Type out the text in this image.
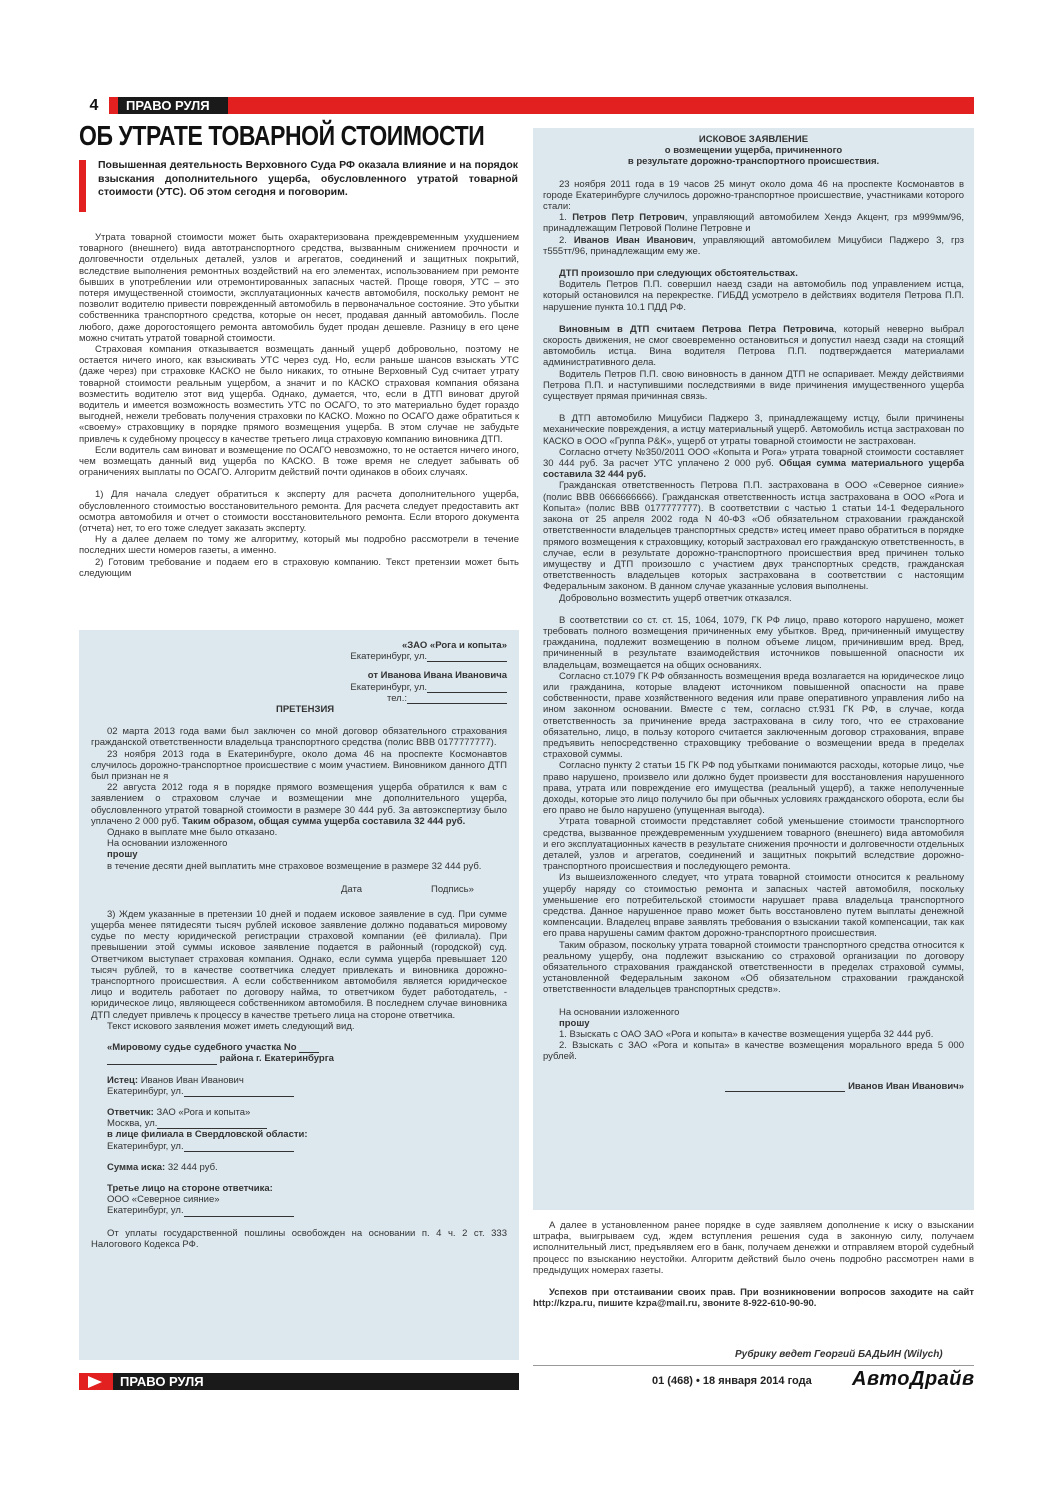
4	ПРАВО РУЛЯ
ОБ УТРАТЕ ТОВАРНОЙ СТОИМОСТИ
Повышенная деятельность Верховного Суда РФ оказала влияние и на порядок взыскания дополнительного ущерба, обусловленного утратой товарной стоимости (УТС). Об этом сегодня и поговорим.

Утрата товарной стоимости может быть охарактеризована преждевременным ухудшением товарного (внешнего) вида автотранспортного средства, вызванным снижением прочности и долговечности отдельных деталей, узлов и агрегатов, соединений и защитных покрытий, вследствие выполнения ремонтных воздействий на его элементах, использованием при ремонте бывших в употреблении или отремонтированных запасных частей. Проще говоря, УТС – это потеря имущественной стоимости, эксплуатационных качеств автомобиля, поскольку ремонт не позволит водителю привести поврежденный автомобиль в первоначальное состояние. Это убытки собственника транспортного средства, которые он несет, продавая данный автомобиль. После любого, даже дорогостоящего ремонта автомобиль будет продан дешевле. Разницу в его цене можно считать утратой товарной стоимости.

Страховая компания отказывается возмещать данный ущерб добровольно, поэтому не остается ничего иного, как взыскивать УТС через суд. Но, если раньше шансов взыскать УТС (даже через) при страховке КАСКО не было никаких, то отныне Верховный Суд считает утрату товарной стоимости реальным ущербом, а значит и по КАСКО страховая компания обязана возместить водителю этот вид ущерба. Однако, думается, что, если в ДТП виноват другой водитель и имеется возможность возместить УТС по ОСАГО, то это материально будет гораздо выгодней, нежели требовать получения страховки по КАСКО. Можно по ОСАГО даже обратиться к «своему» страховщику в порядке прямого возмещения ущерба. В этом случае не забудьте привлечь к судебному процессу в качестве третьего лица страховую компанию виновника ДТП.

Если водитель сам виноват и возмещение по ОСАГО невозможно, то не остается ничего иного, чем возмещать данный вид ущерба по КАСКО. В тоже время не следует забывать об ограничениях выплаты по ОСАГО. Алгоритм действий почти одинаков в обоих случаях.

1) Для начала следует обратиться к эксперту для расчета дополнительного ущерба, обусловленного стоимостью восстановительного ремонта. Для расчета следует предоставить акт осмотра автомобиля и отчет о стоимости восстановительного ремонта. Если второго документа (отчета) нет, то его тоже следует заказать эксперту.

Ну а далее делаем по тому же алгоритму, который мы подробно рассмотрели в течение последних шести номеров газеты, а именно.

2) Готовим требование и подаем его в страховую компанию. Текст претензии может быть следующим

«ЗАО «Рога и копыта»
Екатеринбург, ул.
от Иванова Ивана Ивановича
Екатеринбург, ул.
тел.:
ПРЕТЕНЗИЯ

02 марта 2013 года вами был заключен со мной договор обязательного страхования гражданской ответственности владельца транспортного средства (полис ВВВ 0177777777).

23 ноября 2013 года в Екатеринбурге, около дома 46 на проспекте Космонавтов случилось дорожно-транспортное происшествие с моим участием. Виновником данного ДТП был признан не я

22 августа 2012 года я в порядке прямого возмещения ущерба обратился к вам с заявлением о страховом случае и возмещении мне дополнительного ущерба, обусловленного утратой товарной стоимости в размере 30 444 руб. За автоэкспертизу было уплачено 2 000 руб. Таким образом, общая сумма ущерба составила 32 444 руб.

Однако в выплате мне было отказано.

На основании изложенного

прошу

в течение десяти дней выплатить мне страховое возмещение в размере 32 444 руб.

Дата	Подпись»

3) Ждем указанные в претензии 10 дней и подаем исковое заявление в суд. При сумме ущерба менее пятидесяти тысяч рублей исковое заявление должно подаваться мировому судье по месту юридической регистрации страховой компании (её филиала). При превышении этой суммы исковое заявление подается в районный (городской) суд. Ответчиком выступает страховая компания. Однако, если сумма ущерба превышает 120 тысяч рублей, то в качестве соответчика следует привлекать и виновника дорожно-транспортного происшествия. А если собственником автомобиля является юридическое лицо и водитель работает по договору найма, то ответчиком будет работодатель, - юридическое лицо, являющееся собственником автомобиля. В последнем случае виновника ДТП следует привлечь к процессу в качестве третьего лица на стороне ответчика.

Текст искового заявления может иметь следующий вид.

«Мировому судье судебного участка No
района г. Екатеринбурга
Истец: Иванов Иван Иванович
Екатеринбург, ул.
Ответчик: ЗАО «Рога и копыта»
Москва, ул.
в лице филиала в Свердловской области:
Екатеринбург, ул.
Сумма иска: 32 444 руб.
Третье лицо на стороне ответчика:
ООО «Северное сияние»
Екатеринбург, ул.

От уплаты государственной пошлины освобожден на основании п. 4 ч. 2 ст. 333 Налогового Кодекса РФ.

ИСКОВОЕ ЗАЯВЛЕНИЕ
о возмещении ущерба, причиненного
в результате дорожно-транспортного происшествия.

23 ноября 2011 года в 19 часов 25 минут около дома 46 на проспекте Космонавтов в городе Екатеринбурге случилось дорожно-транспортное происшествие, участниками которого стали:

1. Петров Петр Петрович, управляющий автомобилем Хендэ Акцент, грз м999мм/96, принадлежащим Петровой Полине Петровне и

2. Иванов Иван Иванович, управляющий автомобилем Мицубиси Паджеро 3, грз т555тт/96, принадлежащим ему же.

ДТП произошло при следующих обстоятельствах.

Водитель Петров П.П. совершил наезд сзади на автомобиль под управлением истца, который остановился на перекрестке. ГИБДД усмотрело в действиях водителя Петрова П.П. нарушение пункта 10.1 ПДД РФ.

Виновным в ДТП считаем Петрова Петра Петровича, который неверно выбрал скорость движения, не смог своевременно остановиться и допустил наезд сзади на стоящий автомобиль истца. Вина водителя Петрова П.П. подтверждается материалами административного дела.

Водитель Петров П.П. свою виновность в данном ДТП не оспаривает. Между действиями Петрова П.П. и наступившими последствиями в виде причинения имущественного ущерба существует прямая причинная связь.

В ДТП автомобилю Мицубиси Паджеро 3, принадлежащему истцу, были причинены механические повреждения, а истцу материальный ущерб. Автомобиль истца застрахован по КАСКО в ООО «Группа P&K», ущерб от утраты товарной стоимости не застрахован.

Согласно отчету №350/2011 ООО «Копыта и Рога» утрата товарной стоимости составляет 30 444 руб. За расчет УТС уплачено 2 000 руб. Общая сумма материального ущерба составила 32 444 руб.

Гражданская ответственность Петрова П.П. застрахована в ООО «Северное сияние» (полис ВВВ 0666666666). Гражданская ответственность истца застрахована в ООО «Рога и Копыта» (полис ВВВ 0177777777). В соответствии с частью 1 статьи 14-1 Федерального закона от 25 апреля 2002 года N 40-ФЗ «Об обязательном страховании гражданской ответственности владельцев транспортных средств» истец имеет право обратиться в порядке прямого возмещения к страховщику, который застраховал его гражданскую ответственность, в случае, если в результате дорожно-транспортного происшествия вред причинен только имуществу и ДТП произошло с участием двух транспортных средств, гражданская ответственность владельцев которых застрахована в соответствии с настоящим Федеральным законом. В данном случае указанные условия выполнены.

Добровольно возместить ущерб ответчик отказался.

В соответствии со ст. ст. 15, 1064, 1079, ГК РФ лицо, право которого нарушено, может требовать полного возмещения причиненных ему убытков. Вред, причиненный имуществу гражданина, подлежит возмещению в полном объеме лицом, причинившим вред. Вред, причиненный в результате взаимодействия источников повышенной опасности их владельцам, возмещается на общих основаниях.

Согласно ст.1079 ГК РФ обязанность возмещения вреда возлагается на юридическое лицо или гражданина, которые владеют источником повышенной опасности на праве собственности, праве хозяйственного ведения или праве оперативного управления либо на ином законном основании. Вместе с тем, согласно ст.931 ГК РФ, в случае, когда ответственность за причинение вреда застрахована в силу того, что ее страхование обязательно, лицо, в пользу которого считается заключенным договор страхования, вправе предъявить непосредственно страховщику требование о возмещении вреда в пределах страховой суммы.

Согласно пункту 2 статьи 15 ГК РФ под убытками понимаются расходы, которые лицо, чье право нарушено, произвело или должно будет произвести для восстановления нарушенного права, утрата или повреждение его имущества (реальный ущерб), а также неполученные доходы, которые это лицо получило бы при обычных условиях гражданского оборота, если бы его право не было нарушено (упущенная выгода).

Утрата товарной стоимости представляет собой уменьшение стоимости транспортного средства, вызванное преждевременным ухудшением товарного (внешнего) вида автомобиля и его эксплуатационных качеств в результате снижения прочности и долговечности отдельных деталей, узлов и агрегатов, соединений и защитных покрытий вследствие дорожно-транспортного происшествия и последующего ремонта.

Из вышеизложенного следует, что утрата товарной стоимости относится к реальному ущербу наряду со стоимостью ремонта и запасных частей автомобиля, поскольку уменьшение его потребительской стоимости нарушает права владельца транспортного средства. Данное нарушенное право может быть восстановлено путем выплаты денежной компенсации. Владелец вправе заявлять требования о взыскании такой компенсации, так как его права нарушены самим фактом дорожно-транспортного происшествия.

Таким образом, поскольку утрата товарной стоимости транспортного средства относится к реальному ущербу, она подлежит взысканию со страховой организации по договору обязательного страхования гражданской ответственности в пределах страховой суммы, установленной Федеральным законом «Об обязательном страховании гражданской ответственности владельцев транспортных средств».

На основании изложенного

прошу

1. Взыскать с ОАО ЗАО «Рога и копыта» в качестве возмещения ущерба 32 444 руб.

2. Взыскать с ЗАО «Рога и копыта» в качестве возмещения морального вреда 5 000 рублей.

Иванов Иван Иванович»

А далее в установленном ранее порядке в суде заявляем дополнение к иску о взыскании штрафа, выигрываем суд, ждем вступления решения суда в законную силу, получаем исполнительный лист, предъявляем его в банк, получаем денежки и отправляем второй судебный процесс по взысканию неустойки. Алгоритм действий было очень подробно рассмотрен нами в предыдущих номерах газеты.

Успехов при отстаивании своих прав. При возникновении вопросов заходите на сайт http://kzpa.ru, пишите kzpa@mail.ru, звоните 8-922-610-90-90.

Рубрику ведет Георгий БАДЬИН (Wilych)
ПРАВО РУЛЯ	01 (468) • 18 января 2014 года АвтоДрайв
